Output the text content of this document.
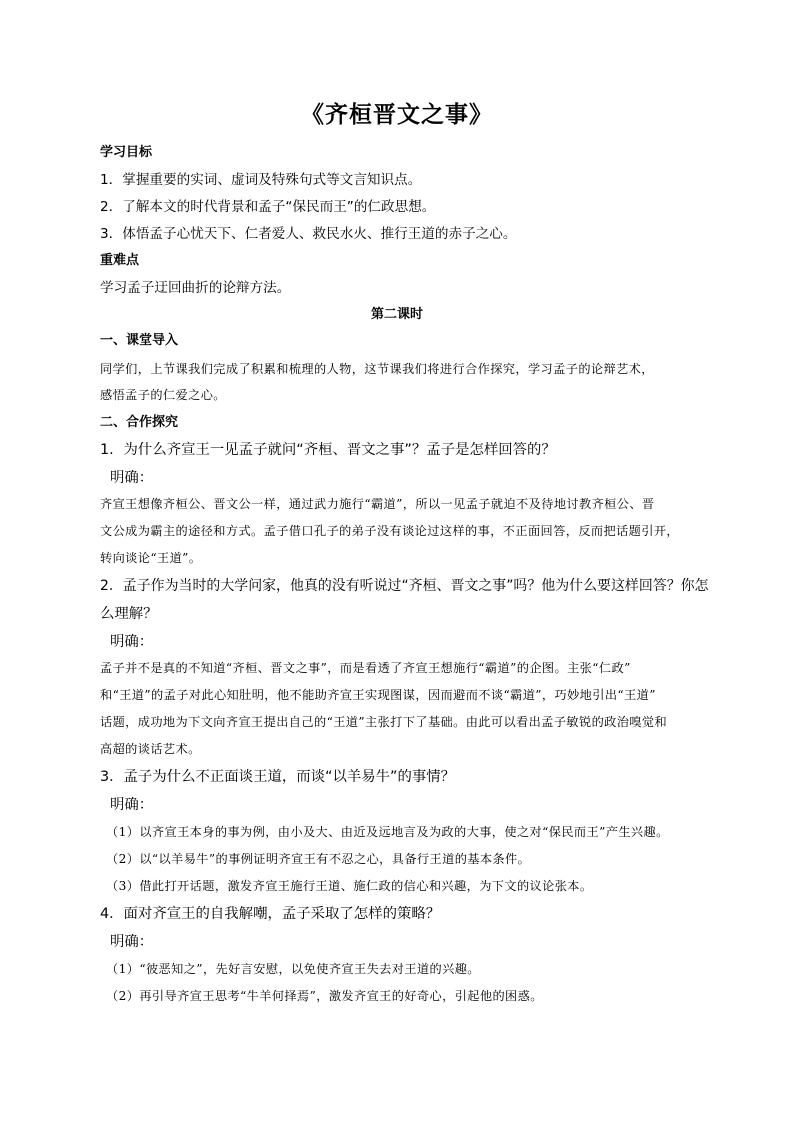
《齐桓晋文之事》
学习目标
1．掌握重要的实词、虚词及特殊句式等文言知识点。
2．了解本文的时代背景和孟子“保民而王”的仁政思想。
3．体悟孟子心忧天下、仁者爱人、救民水火、推行王道的赤子之心。
重难点
学习孟子迂回曲折的论辩方法。
第二课时
一、课堂导入
同学们，上节课我们完成了积累和梳理的人物，这节课我们将进行合作探究，学习孟子的论辩艺术，
感悟孟子的仁爱之心。
二、合作探究
1．为什么齐宣王一见孟子就问“齐桓、晋文之事”？孟子是怎样回答的？
明确：
齐宣王想像齐桓公、晋文公一样，通过武力施行“霸道”，所以一见孟子就迫不及待地讨教齐桓公、晋
文公成为霸主的途径和方式。孟子借口孔子的弟子没有谈论过这样的事，不正面回答，反而把话题引开，
转向谈论“王道”。
2．孟子作为当时的大学问家，他真的没有听说过“齐桓、晋文之事”吗？他为什么要这样回答？你怎
么理解？
明确：
孟子并不是真的不知道“齐桓、晋文之事”，而是看透了齐宣王想施行“霸道”的企图。主张“仁政”
和“王道”的孟子对此心知肚明，他不能助齐宣王实现图谋，因而避而不谈“霸道”，巧妙地引出“王道”
话题，成功地为下文向齐宣王提出自己的“王道”主张打下了基础。由此可以看出孟子敏锐的政治嗅觉和
高超的谈话艺术。
3．孟子为什么不正面谈王道，而谈“以羊易牛”的事情？
明确：
（1）以齐宣王本身的事为例，由小及大、由近及远地言及为政的大事，使之对“保民而王”产生兴趣。
（2）以“以羊易牛”的事例证明齐宣王有不忍之心，具备行王道的基本条件。
（3）借此打开话题，激发齐宣王施行王道、施仁政的信心和兴趣，为下文的议论张本。
4．面对齐宣王的自我解嘲，孟子采取了怎样的策略？
明确：
（1）“彼恶知之”，先好言安慰，以免使齐宣王失去对王道的兴趣。
（2）再引导齐宣王思考“牛羊何择焉”，激发齐宣王的好奇心，引起他的困惑。
